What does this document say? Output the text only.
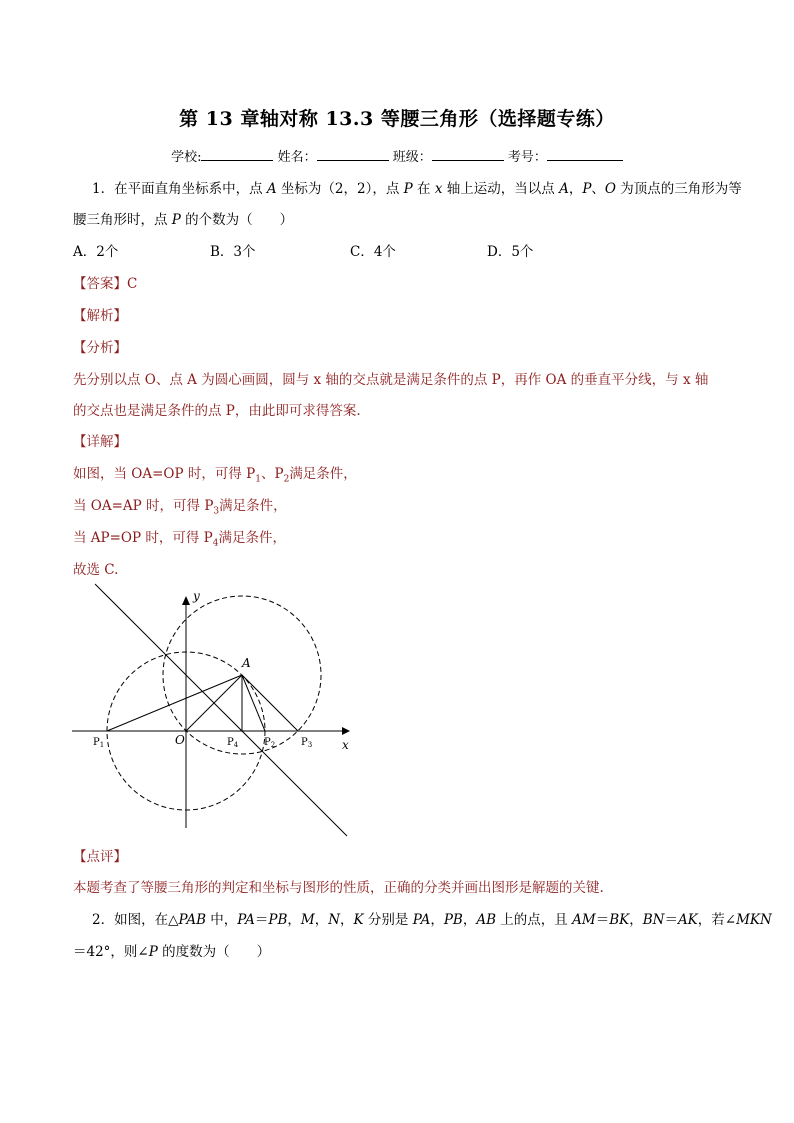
第 13 章轴对称 13.3 等腰三角形（选择题专练）
学校:	姓名：	班级：	考号：
1．在平面直角坐标系中，点 A 坐标为（2，2），点 P 在 x 轴上运动，当以点 A，P、O 为顶点的三角形为等
腰三角形时，点 P 的个数为（　　）
A．2个	B．3个	C．4个	D．5个
【答案】C
【解析】
【分析】
先分别以点 O、点 A 为圆心画圆，圆与 x 轴的交点就是满足条件的点 P，再作 OA 的垂直平分线，与 x 轴
的交点也是满足条件的点 P，由此即可求得答案.
【详解】
如图，当 OA=OP 时，可得 $P_1$、$P_2$满足条件，
当 OA=AP 时，可得 $P_3$满足条件，
当 AP=OP 时，可得 $P_4$满足条件，
故选 C.
y
x
A
O
$P_1$	$P_4$	$P_2$	$P_3$
【点评】
本题考查了等腰三角形的判定和坐标与图形的性质，正确的分类并画出图形是解题的关键.
2．如图，在△PAB 中，PA＝PB，M，N，K 分别是 PA，PB，AB 上的点，且 AM＝BK，BN＝AK，若∠MKN
＝42°，则∠P 的度数为（　　）
